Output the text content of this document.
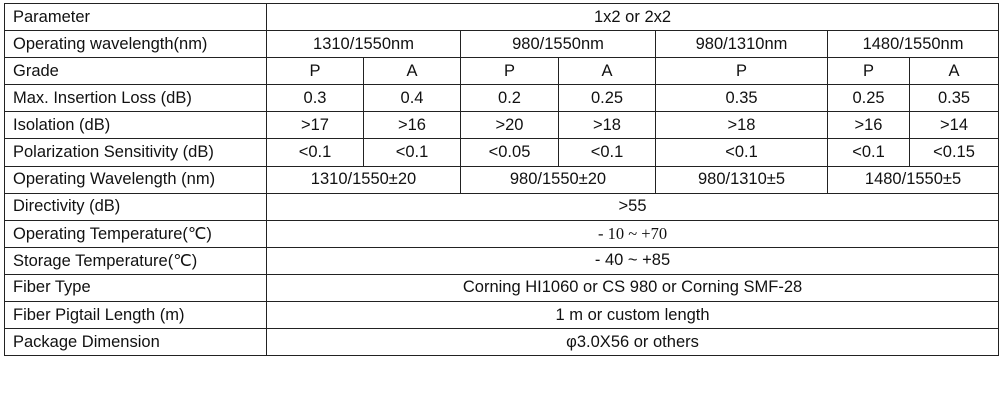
Parameter	1x2 or 2x2						
Operating wavelength(nm)	1310/1550nm		980/1550nm		980/1310nm	1480/1550nm	
Grade	P	A	P	A	P	P	A
Max. Insertion Loss (dB)	0.3	0.4	0.2	0.25	0.35	0.25	0.35
Isolation (dB)	>17	>16	>20	>18	>18	>16	>14
Polarization Sensitivity (dB)	<0.1	<0.1	<0.05	<0.1	<0.1	<0.1	<0.15
Operating Wavelength (nm)	1310/1550±20		980/1550±20		980/1310±5	1480/1550±5	
Directivity (dB)	>55						
Operating Temperature(℃)	- 10 ~ +70						
Storage Temperature(℃)	- 40 ~ +85						
Fiber Type	Corning HI1060 or CS 980 or Corning SMF-28						
Fiber Pigtail Length (m)	1 m or custom length						
Package Dimension	φ3.0X56 or others						
